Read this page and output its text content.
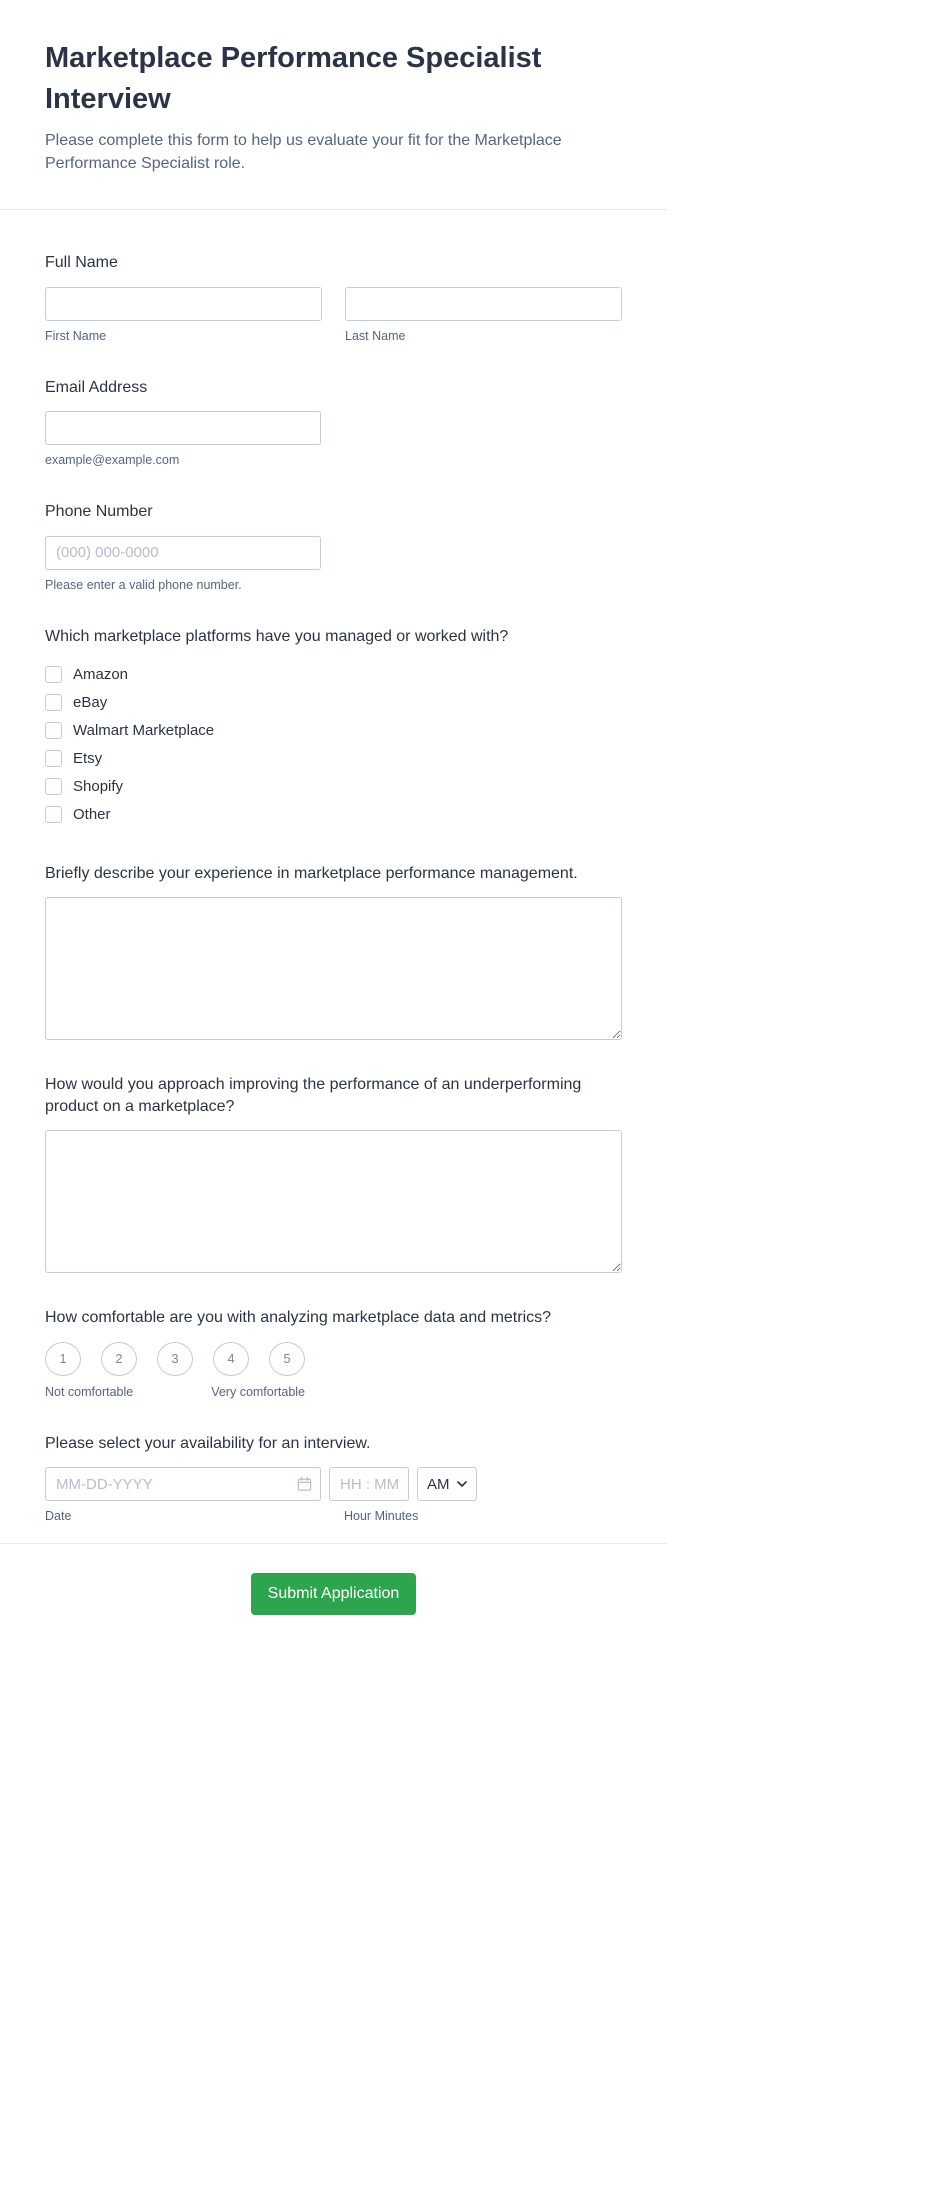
Marketplace Performance Specialist Interview

Please complete this form to help us evaluate your fit for the Marketplace Performance Specialist role.

Full Name
First Name	Last Name
Email Address
example@example.com
Phone Number
(000) 000-0000
Please enter a valid phone number.
Which marketplace platforms have you managed or worked with?
Amazon
eBay
Walmart Marketplace
Etsy
Shopify
Other
Briefly describe your experience in marketplace performance management.
How would you approach improving the performance of an underperforming product on a marketplace?
How comfortable are you with analyzing marketplace data and metrics?
1	2	3	4	5
Not comfortable	Very comfortable
Please select your availability for an interview.
MM-DD-YYYY
HH : MM
AM
Date	Hour Minutes
Submit Application
